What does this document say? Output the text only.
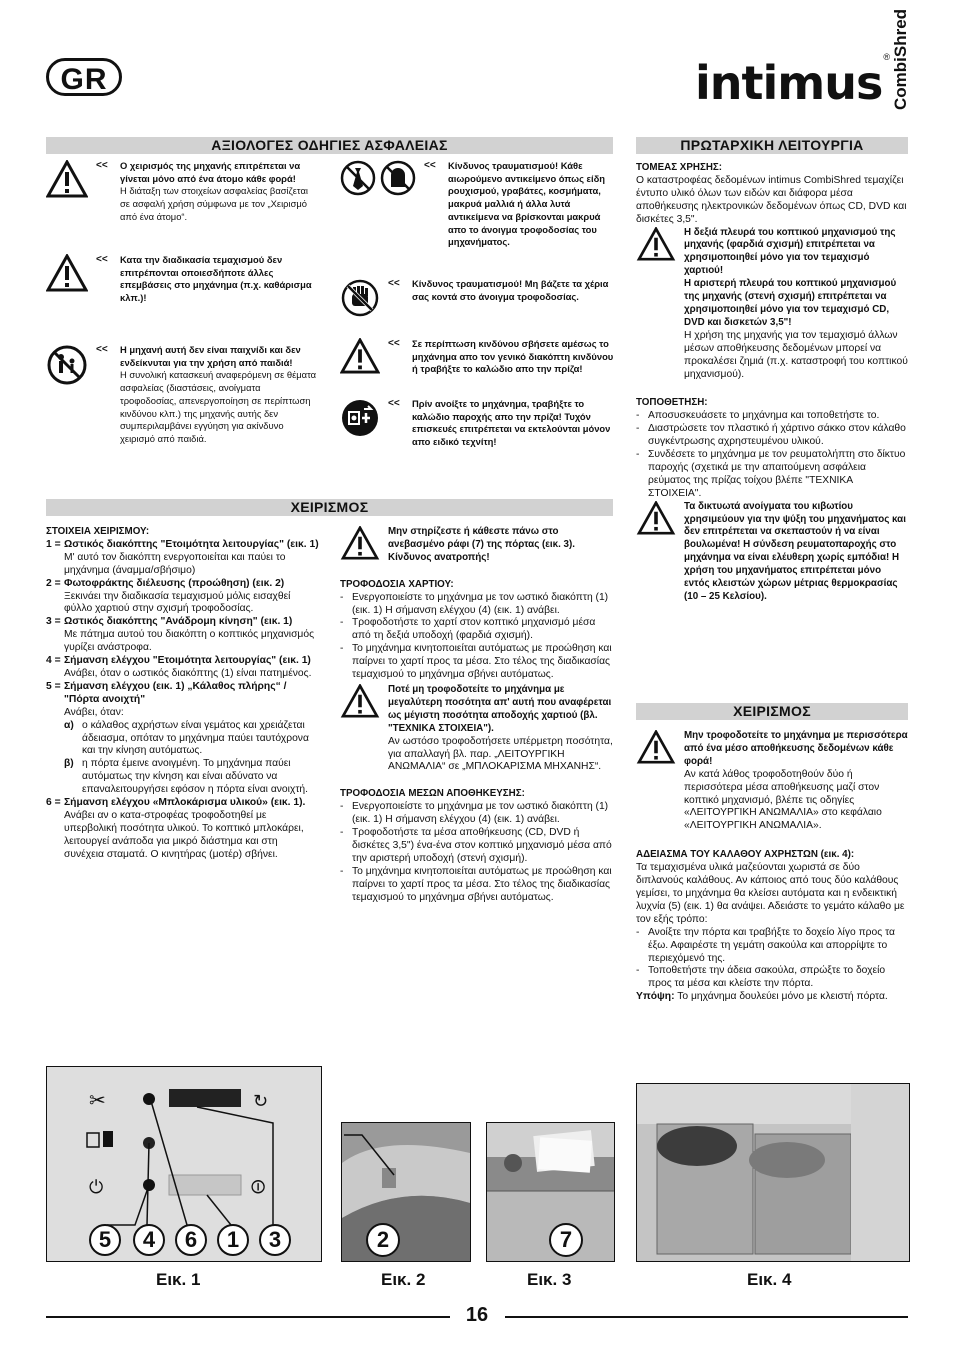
GR	intimus ® CombiShred
ΑΞΙΟΛΟΓΕΣ ΟΔΗΓΙΕΣ ΑΣΦΑΛΕΙΑΣ
<<	Ο χειρισμός της μηχανής επιτρέπεται να γίνεται μόνο από ένα άτομο κάθε φορά!
Η διάταξη των στοιχείων ασφαλείας βασίζεται σε ασφαλή χρήση σύμφωνα με τον „Χειρισμό από ένα άτομο“.
<<	Κατα την διαδικασία τεμαχισμού δεν επιτρέπονται οποιεσδήποτε άλλες επεμβάσεις στο μηχάνημα (π.χ. καθάρισμα κλπ.)!
<<	Η μηχανή αυτή δεν είναι παιχνίδι και δεν ενδείκνυται για την χρήση από παιδιά!
Η συνολική κατασκευή αναφερόμενη σε θέματα ασφαλείας (διαστάσεις, ανοίγματα τροφοδοσίας, απενεργοποίηση σε περίπτωση κινδύνου κλπ.) της μηχανής αυτής δεν συμπεριλαμβάνει εγγύηση για ακίνδυνο χειρισμό από παιδιά.
<<	Κίνδυνος τραυματισμού! Κάθε αιωρούμενο αντικείμενο όπως είδη ρουχισμού, γραβάτες, κοσμήματα, μακρυά μαλλιά ή άλλα λυτά αντικείμενα να βρίσκονται μακρυά απο το άνοιγμα τροφοδοσίας του μηχανήματος.
<<	Κίνδυνος τραυματισμού! Μη βάζετε τα χέρια σας κοντά στο άνοιγμα τροφοδοσίας.
<<	Σε περίπτωση κινδύνου σβήσετε αμέσως το μηχάνημα απο τον γενικό διακόπτη κινδύνου ή τραβήξτε το καλώδιο απο την πρίζα!
<<	Πρίν ανοίξτε το μηχάνημα, τραβήξτε το καλώδιο παροχής απο την πρίζα! Τυχόν επισκευές επιτρέπεται να εκτελούνται μόνον απο ειδικό τεχνίτη!
ΧΕΙΡΙΣΜΟΣ
ΣΤΟΙΧΕΙΑ ΧΕΙΡΙΣΜΟΥ:
1 = Ωστικός διακόπτης "Ετοιμότητα λειτουργίας" (εικ. 1)
Μ' αυτό τον διακόπτη ενεργοποιείται και παύει το μηχάνημα (άναμμα/σβήσιμο)
2 = Φωτοφράκτης διέλευσης (προώθηση) (εικ. 2)
Ξεκινάει την διαδικασία τεμαχισμού μόλις εισαχθεί φύλλο χαρτιού στην σχισμή τροφοδοσίας.
3 = Ωστικός διακόπτης "Ανάδρομη κίνηση" (εικ. 1)
Με πάτημα αυτού του διακόπτη ο κοπτικός μηχανισμός γυρίζει ανάστροφα.
4 = Σήμανση ελέγχου "Ετοιμότητα λειτουργίας" (εικ. 1)
Ανάβει, όταν ο ωστικός διακόπτης (1) είναι πατημένος.
5 = Σήμανση ελέγχου (εικ. 1) „Κάλαθος πλήρης“ / "Πόρτα ανοιχτή"
Ανάβει, όταν:
α) ο κάλαθος αχρήστων είναι γεμάτος και χρειάζεται άδειασμα, οπόταν το μηχάνημα παύει ταυτόχρονα και την κίνηση αυτόματως.
β) η πόρτα έμεινε ανοιγμένη. Το μηχάνημα παύει αυτόματως την κίνηση και είναι αδύνατο να επαναλειτουργήσει εφόσον η πόρτα είναι ανοιχτή.
6 = Σήμανση ελέγχου «Μπλοκάρισμα υλικού» (εικ. 1).
Ανάβει αν ο κατα-στροφέας τροφοδοτηθεί με υπερβολική ποσότητα υλικού. Το κοπτικό μπλοκάρει, λειτουργεί ανάποδα για μικρό διάστημα και στη συνέχεια σταματά. Ο κινητήρας (μοτέρ) σβήνει.
Μην στηρίζεστε ή κάθεστε πάνω στο ανεβασμένο ράφι (7) της πόρτας (εικ. 3). Κίνδυνος ανατροπής!
ΤΡΟΦΟΔΟΣΙΑ ΧΑΡΤΙΟΥ:
- Ενεργοποιείστε το μηχάνημα με τον ωστικό διακόπτη (1) (εικ. 1) Η σήμανση ελέγχου (4) (εικ. 1) ανάβει.
- Τροφοδοτήστε το χαρτί στον κοπτικό μηχανισμό μέσα από τη δεξιά υποδοχή (φαρδιά σχισμή).
- Το μηχάνημα κινητοποιείται αυτόματως με προώθηση και παίρνει το χαρτί προς τα μέσα. Στο τέλος της διαδικασίας τεμαχισμού το μηχάνημα σβήνει αυτόματως.
Ποτέ μη τροφοδοτείτε το μηχάνημα με μεγαλύτερη ποσότητα απ' αυτή που αναφέρεται ως μέγιστη ποσότητα αποδοχής χαρτιού (βλ. "ΤΕΧΝΙΚΑ ΣΤΟΙΧΕΙΑ").
Αν ωστόσο τροφοδοτήσετε υπέρμετρη ποσότητα, για απαλλαγή βλ. παρ. „ΛΕΙΤΟΥΡΓΙΚΗ ΑΝΩΜΑΛΙΑ“ σε „ΜΠΛΟΚΑΡΙΣΜΑ ΜΗΧΑΝΗΣ“.
ΤΡΟΦΟΔΟΣΙΑ ΜΕΣΩΝ ΑΠΟΘΗΚΕΥΣΗΣ:
- Ενεργοποιείστε το μηχάνημα με τον ωστικό διακόπτη (1) (εικ. 1) Η σήμανση ελέγχου (4) (εικ. 1) ανάβει.
- Τροφοδοτήστε τα μέσα αποθήκευσης (CD, DVD ή δισκέτες 3,5") ένα-ένα στον κοπτικό μηχανισμό μέσα από την αριστερή υποδοχή (στενή σχισμή).
- Το μηχάνημα κινητοποιείται αυτόματως με προώθηση και παίρνει το χαρτί προς τα μέσα. Στο τέλος της διαδικασίας τεμαχισμού το μηχάνημα σβήνει αυτόματως.
ΠΡΩΤΑΡΧΙΚΗ ΛΕΙΤΟΥΡΓΙΑ
ΤΟΜΕΑΣ ΧΡΗΣΗΣ:
Ο καταστροφέας δεδομένων intimus CombiShred τεμαχίζει έντυπο υλικό όλων των ειδών και διάφορα μέσα αποθήκευσης ηλεκτρονικών δεδομένων όπως CD, DVD και δισκέτες 3,5".
Η δεξιά πλευρά του κοπτικού μηχανισμού της μηχανής (φαρδιά σχισμή) επιτρέπεται να χρησιμοποιηθεί μόνο για τον τεμαχισμό χαρτιού!
Η αριστερή πλευρά του κοπτικού μηχανισμού της μηχανής (στενή σχισμή) επιτρέπεται να χρησιμοποιηθεί μόνο για τον τεμαχισμό CD, DVD και δισκετών 3,5"!
Η χρήση της μηχανής για τον τεμαχισμό άλλων μέσων αποθήκευσης δεδομένων μπορεί να προκαλέσει ζημιά (π.χ. καταστροφή του κοπτικού μηχανισμού).
ΤΟΠΟΘΕΤΗΣΗ:
- Αποσυσκευάσετε το μηχάνημα και τοποθετήστε το.
- Διαστρώσετε τον πλαστικό ή χάρτινο σάκκο στον κάλαθο συγκέντρωσης αχρηστευμένου υλικού.
- Συνδέσετε το μηχάνημα με τον ρευματολήπτη στο δίκτυο παροχής (σχετικά με την απαιτούμενη ασφάλεια ρεύματος της πρίζας τοίχου βλέπε "ΤΕΧΝΙΚΑ ΣΤΟΙΧΕΙΑ".
Τα δικτυωτά ανοίγματα του κιβωτίου χρησιμεύουν για την ψύξη του μηχανήματος και δεν επιτρέπεται να σκεπαστούν ή να είναι βουλωμένα! Η σύνδεση ρευματοπαροχής στο μηχάνημα να είναι ελέυθερη χωρίς εμπόδια! Η χρήση του μηχανήματος επιτρέπεται μόνο εντός κλειστών χώρων μέτριας θερμοκρασίας (10 – 25 Κελσίου).
ΧΕΙΡΙΣΜΟΣ
Μην τροφοδοτείτε το μηχάνημα με περισσότερα από ένα μέσο αποθήκευσης δεδομένων κάθε φορά!
Αν κατά λάθος τροφοδοτηθούν δύο ή περισσότερα μέσα αποθήκευσης μαζί στον κοπτικό μηχανισμό, βλέπε τις οδηγίες «ΛΕΙΤΟΥΡΓΙΚΗ ΑΝΩΜΑΛΙΑ» στο κεφάλαιο «ΛΕΙΤΟΥΡΓΙΚΗ ΑΝΩΜΑΛΙΑ».
ΑΔΕΙΑΣΜΑ ΤΟΥ ΚΑΛΑΘΟΥ ΑΧΡΗΣΤΩΝ (εικ. 4):
Τα τεμαχισμένα υλικά μαζεύονται χωριστά σε δύο διπλανούς καλάθους. Αν κάποιος από τους δύο καλάθους γεμίσει, το μηχάνημα θα κλείσει αυτόματα και η ενδεικτική λυχνία (5) (εικ. 1) θα ανάψει. Αδειάστε το γεμάτο κάλαθο με τον εξής τρόπο:
- Ανοίξτε την πόρτα και τραβήξτε το δοχείο λίγο προς τα έξω. Αφαιρέστε τη γεμάτη σακούλα και απορρίψτε το περιεχόμενό της.
- Τοποθετήστε την άδεια σακούλα, σπρώξτε το δοχείο προς τα μέσα και κλείστε την πόρτα.
Υπόψη: Το μηχάνημα δουλεύει μόνο με κλειστή πόρτα.
✂
⏻
↻
⏼
5	4	6	1	3
Εικ. 1
2
Εικ. 2
7
Εικ. 3	Εικ. 4
16
